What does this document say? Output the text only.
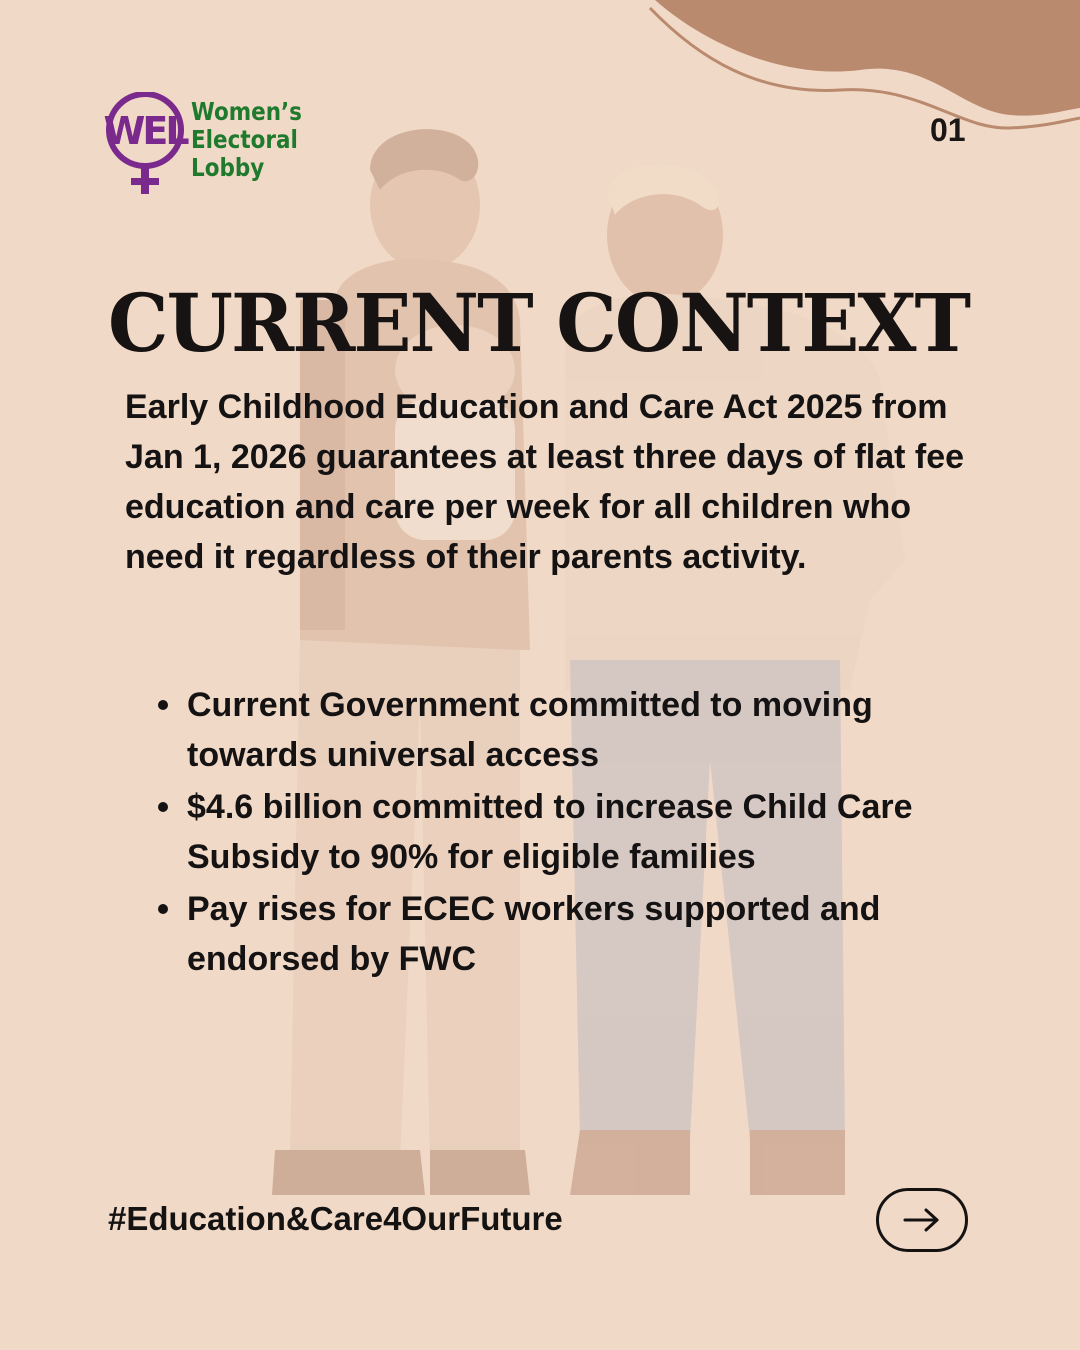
WEL Women’s
Electoral
Lobby
01
CURRENT CONTEXT

Early Childhood Education and Care Act 2025 from Jan 1, 2026 guarantees at least three days of flat fee education and care per week for all children who need it regardless of their parents activity.

Current Government committed to moving towards universal access
$4.6 billion committed to increase Child Care Subsidy to 90% for eligible families
Pay rises for ECEC workers supported and endorsed by FWC
#Education&Care4OurFuture
